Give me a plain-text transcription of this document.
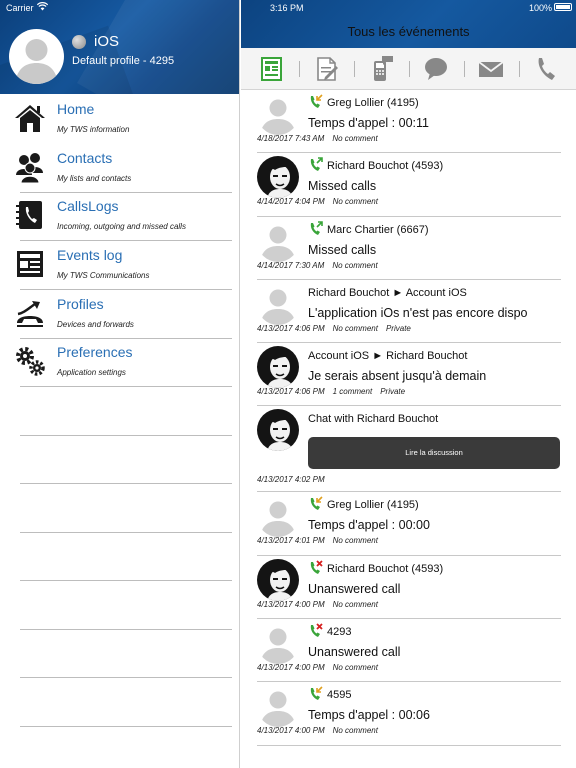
Carrier
iOS
Default profile - 4295
Home
My TWS information
Contacts
My lists and contacts
CallsLogs
Incoming, outgoing and missed calls
Events log
My TWS Communications
Profiles
Devices and forwards
Preferences
Application settings
3:16 PM	100%
Tous les événements
Greg Lollier (4195)
Temps d'appel : 00:11
4/18/2017 7:43 AM No comment
Richard Bouchot (4593)
Missed calls
4/14/2017 4:04 PM No comment
Marc Chartier (6667)
Missed calls
4/14/2017 7:30 AM No comment
Richard Bouchot ► Account iOS
L'application iOs n'est pas encore dispo
4/13/2017 4:06 PM No comment Private
Account iOS ► Richard Bouchot
Je serais absent jusqu'à demain
4/13/2017 4:06 PM 1 comment Private
Chat with Richard Bouchot
Lire la discussion
4/13/2017 4:02 PM
Greg Lollier (4195)
Temps d'appel : 00:00
4/13/2017 4:01 PM No comment
Richard Bouchot (4593)
Unanswered call
4/13/2017 4:00 PM No comment
4293
Unanswered call
4/13/2017 4:00 PM No comment
4595
Temps d'appel : 00:06
4/13/2017 4:00 PM No comment
